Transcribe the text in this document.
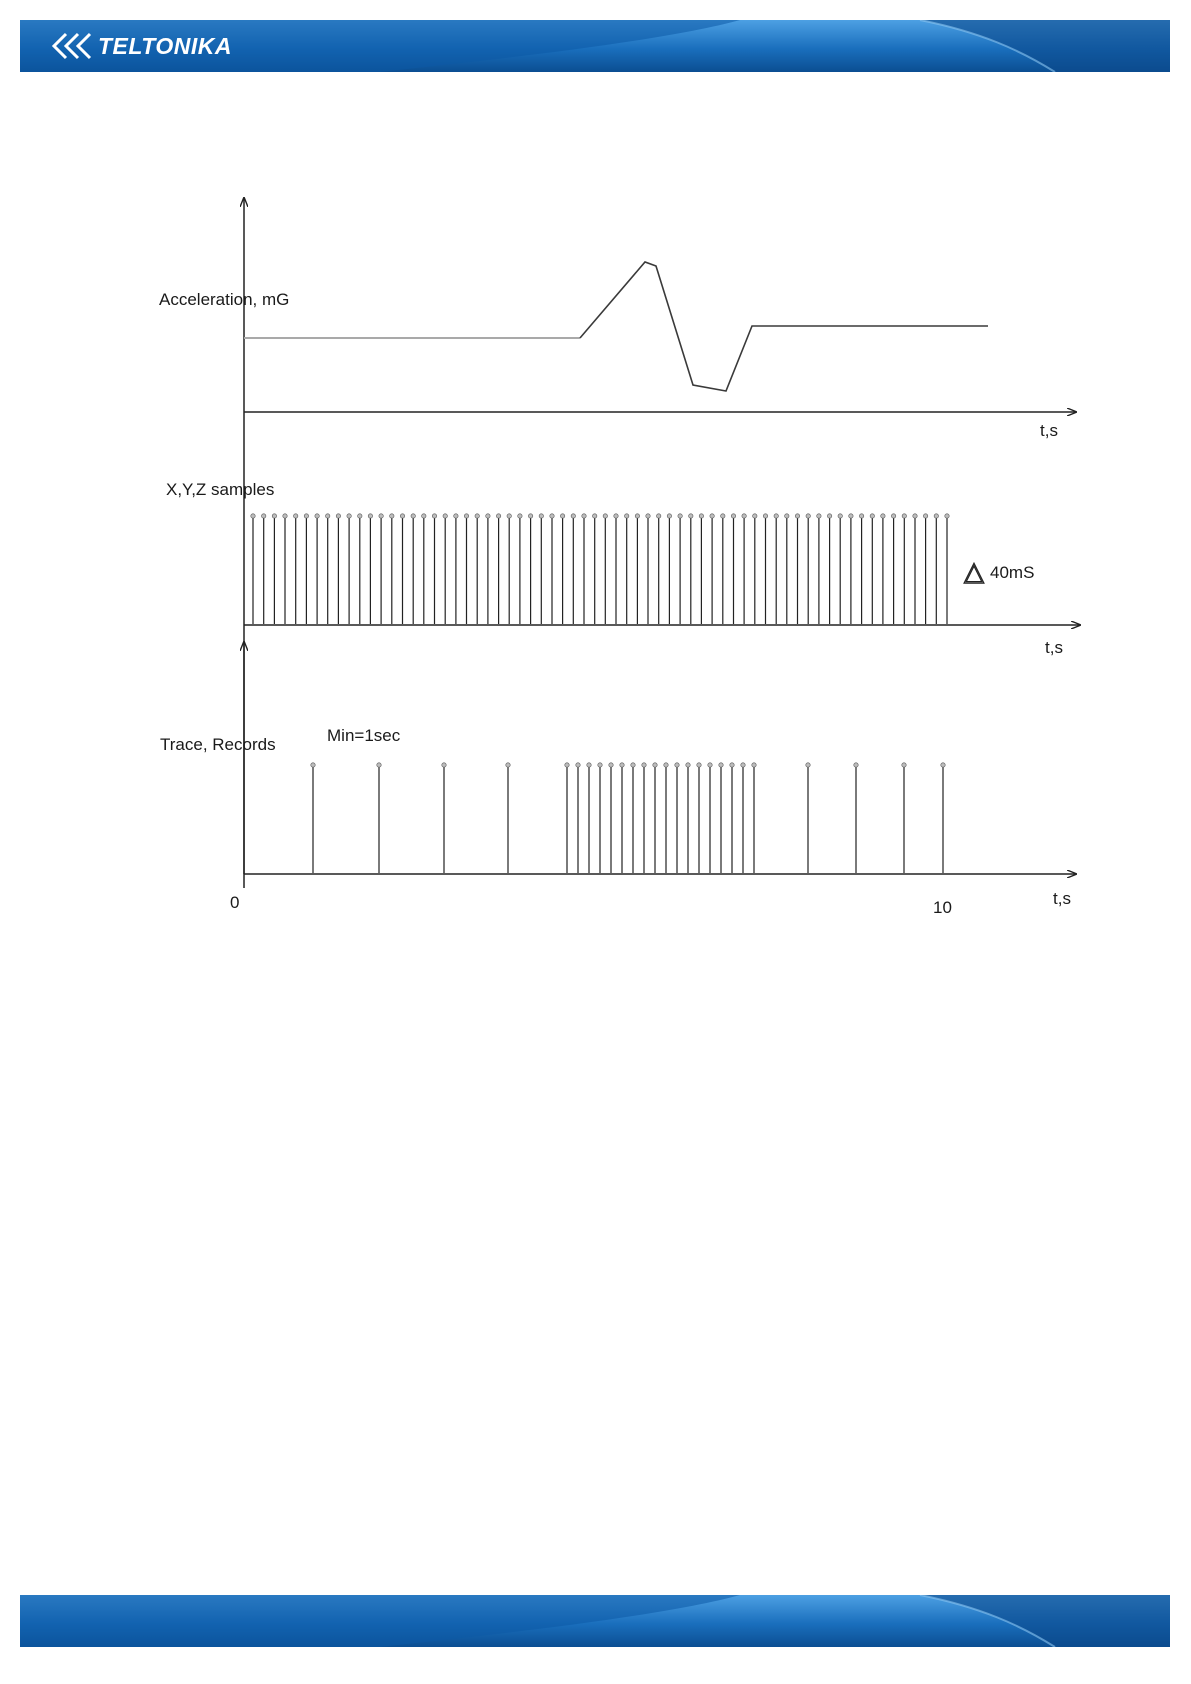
TELTONIKA
Acceleration, mG
t,s
X,Y,Z samples
t,s
△ 40mS
Trace, Records	Min=1sec
0	10	t,s
